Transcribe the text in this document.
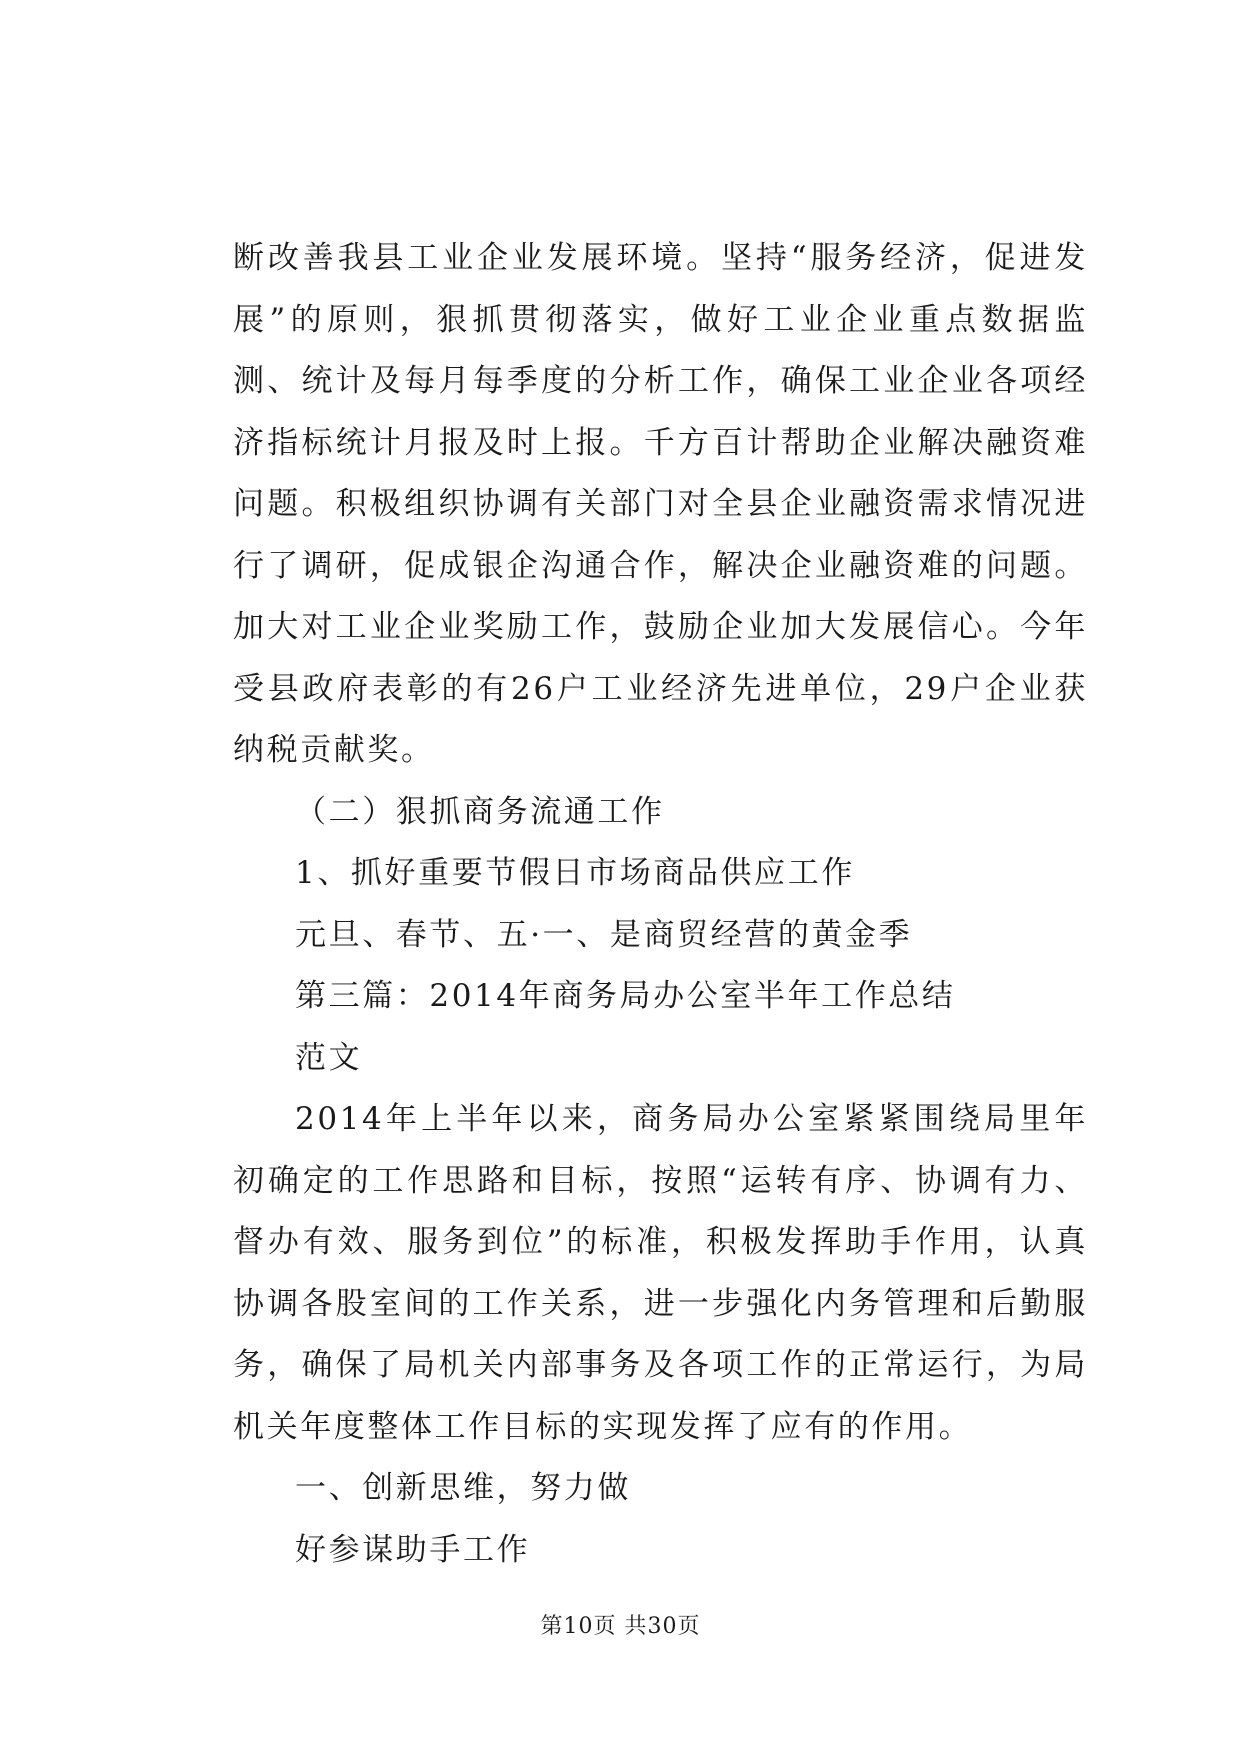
断改善我县工业企业发展环境。坚持“服务经济，促进发展”的原则，狠抓贯彻落实，做好工业企业重点数据监测、统计及每月每季度的分析工作，确保工业企业各项经济指标统计月报及时上报。千方百计帮助企业解决融资难问题。积极组织协调有关部门对全县企业融资需求情况进行了调研，促成银企沟通合作，解决企业融资难的问题。加大对工业企业奖励工作，鼓励企业加大发展信心。今年受县政府表彰的有26户工业经济先进单位，29户企业获纳税贡献奖。

（二）狠抓商务流通工作

1、抓好重要节假日市场商品供应工作

元旦、春节、五·一、是商贸经营的黄金季

第三篇：2014年商务局办公室半年工作总结

范文

2014年上半年以来，商务局办公室紧紧围绕局里年初确定的工作思路和目标，按照“运转有序、协调有力、督办有效、服务到位”的标准，积极发挥助手作用，认真协调各股室间的工作关系，进一步强化内务管理和后勤服务，确保了局机关内部事务及各项工作的正常运行，为局机关年度整体工作目标的实现发挥了应有的作用。

一、创新思维，努力做

好参谋助手工作

第10页 共30页
